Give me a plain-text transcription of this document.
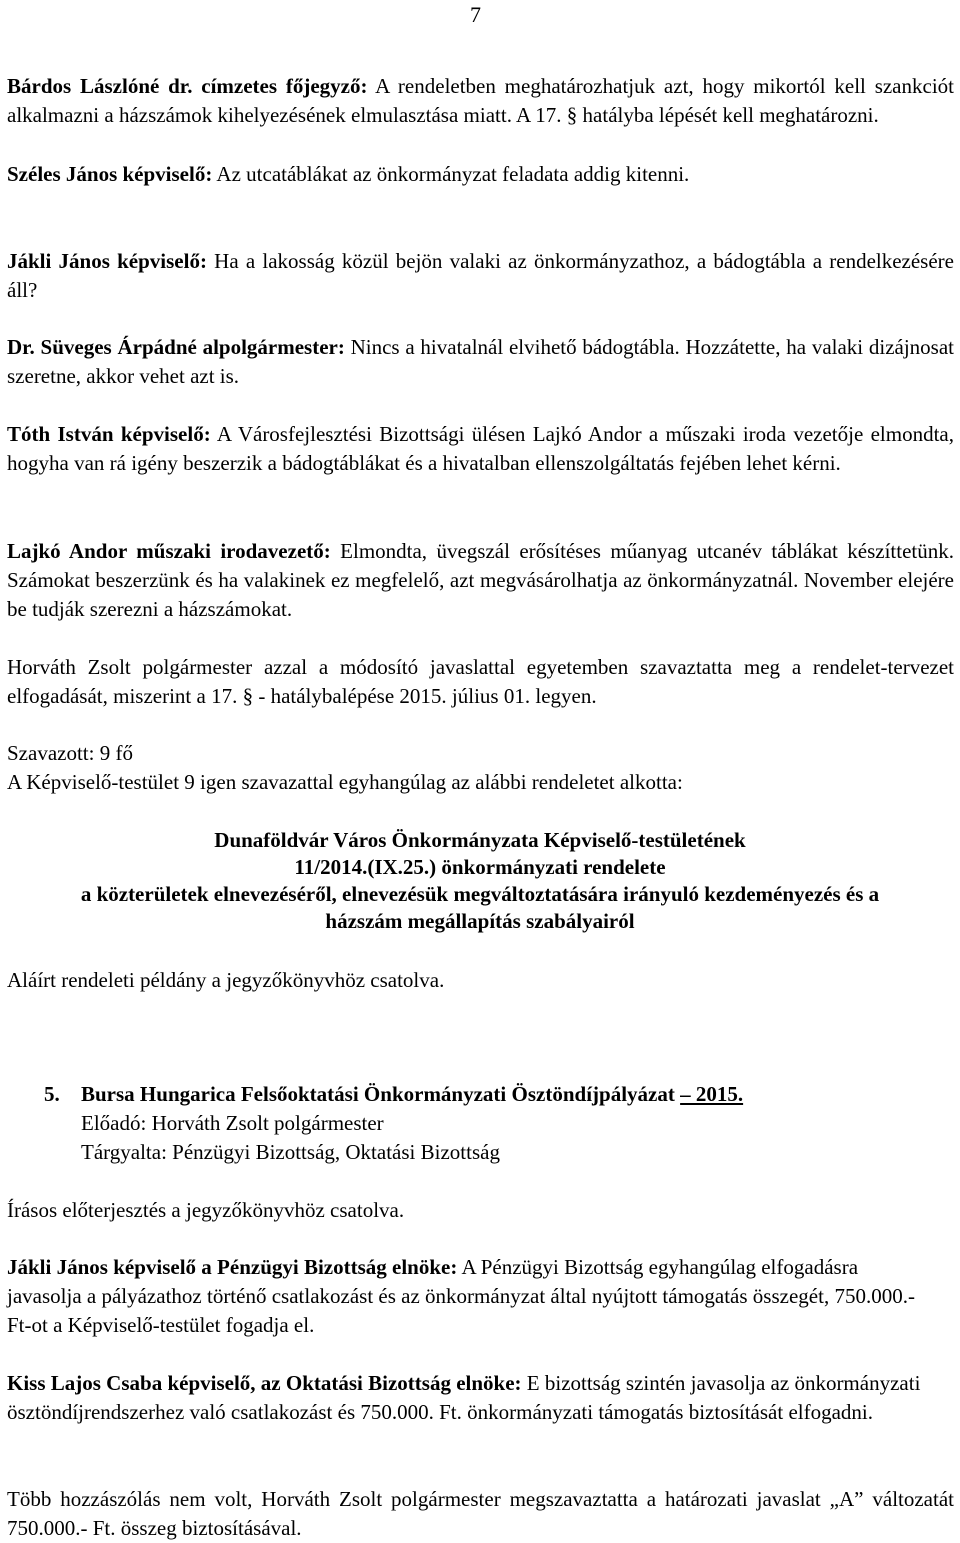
7

Bárdos Lászlóné dr. címzetes főjegyző: A rendeletben meghatározhatjuk azt, hogy mikortól kell szankciót alkalmazni a házszámok kihelyezésének elmulasztása miatt. A 17. § hatályba lépését kell meghatározni.

Széles János képviselő: Az utcatáblákat az önkormányzat feladata addig kitenni.

Jákli János képviselő: Ha a lakosság közül bejön valaki az önkormányzathoz, a bádogtábla a rendelkezésére áll?

Dr. Süveges Árpádné alpolgármester: Nincs a hivatalnál elvihető bádogtábla. Hozzátette, ha valaki dizájnosat szeretne, akkor vehet azt is.

Tóth István képviselő: A Városfejlesztési Bizottsági ülésen Lajkó Andor a műszaki iroda vezetője elmondta, hogyha van rá igény beszerzik a bádogtáblákat és a hivatalban ellenszolgáltatás fejében lehet kérni.

Lajkó Andor műszaki irodavezető: Elmondta, üvegszál erősítéses műanyag utcanév táblákat készíttetünk. Számokat beszerzünk és ha valakinek ez megfelelő, azt megvásárolhatja az önkormányzatnál. November elejére be tudják szerezni a házszámokat.

Horváth Zsolt polgármester azzal a módosító javaslattal egyetemben szavaztatta meg a rendelet-tervezet elfogadását, miszerint a 17. § - hatálybalépése 2015. július 01. legyen.

Szavazott: 9 fő

A Képviselő-testület 9 igen szavazattal egyhangúlag az alábbi rendeletet alkotta:

Dunaföldvár Város Önkormányzata Képviselő-testületének
11/2014.(IX.25.) önkormányzati rendelete
a közterületek elnevezéséről, elnevezésük megváltoztatására irányuló kezdeményezés és a
házszám megállapítás szabályairól

Aláírt rendeleti példány a jegyzőkönyvhöz csatolva.

5. Bursa Hungarica Felsőoktatási Önkormányzati Ösztöndíjpályázat – 2015.
Előadó: Horváth Zsolt polgármester
Tárgyalta: Pénzügyi Bizottság, Oktatási Bizottság

Írásos előterjesztés a jegyzőkönyvhöz csatolva.

Jákli János képviselő a Pénzügyi Bizottság elnöke: A Pénzügyi Bizottság egyhangúlag elfogadásra javasolja a pályázathoz történő csatlakozást és az önkormányzat által nyújtott támogatás összegét, 750.000.- Ft-ot a Képviselő-testület fogadja el.

Kiss Lajos Csaba képviselő, az Oktatási Bizottság elnöke: E bizottság szintén javasolja az önkormányzati ösztöndíjrendszerhez való csatlakozást és 750.000. Ft. önkormányzati támogatás biztosítását elfogadni.

Több hozzászólás nem volt, Horváth Zsolt polgármester megszavaztatta a határozati javaslat „A” változatát 750.000.- Ft. összeg biztosításával.
